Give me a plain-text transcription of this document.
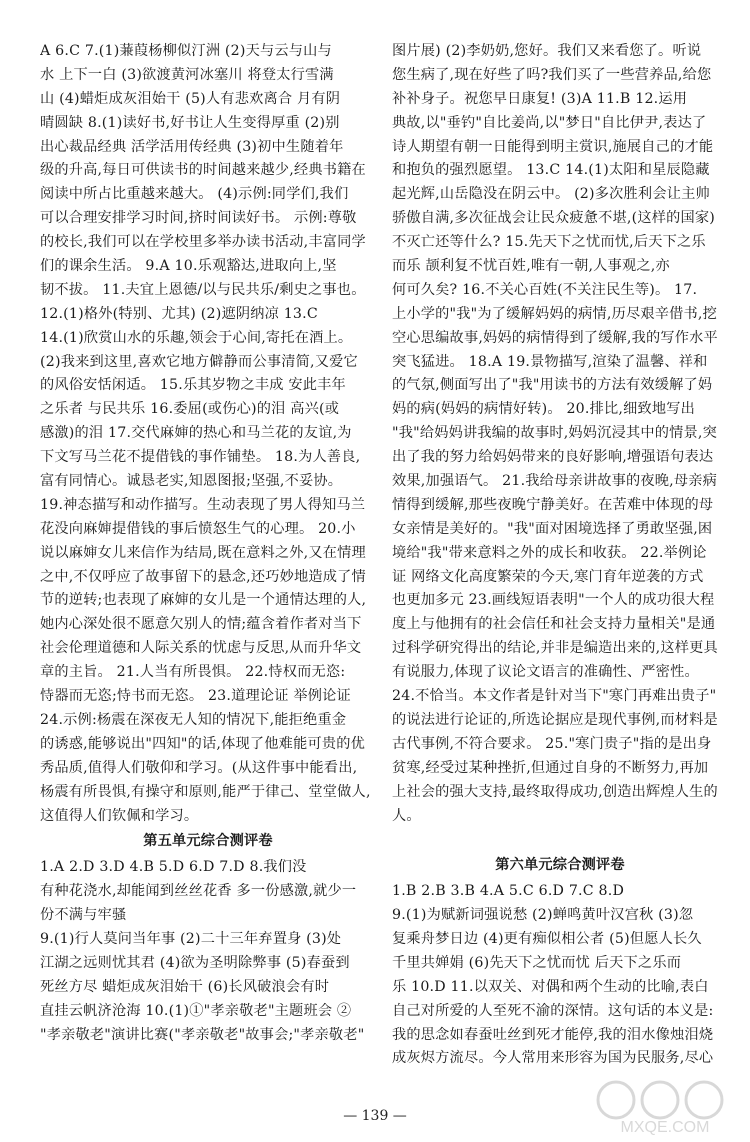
A 6.C 7.(1)蒹葭杨柳似汀洲 (2)天与云与山与
水 上下一白 (3)欲渡黄河冰塞川 将登太行雪满
山 (4)蜡炬成灰泪始干 (5)人有悲欢离合 月有阴
晴圆缺 8.(1)读好书,好书让人生变得厚重 (2)别
出心裁品经典 活学活用传经典 (3)初中生随着年
级的升高,每日可供读书的时间越来越少,经典书籍在
阅读中所占比重越来越大。 (4)示例:同学们,我们
可以合理安排学习时间,挤时间读好书。 示例:尊敬
的校长,我们可以在学校里多举办读书活动,丰富同学
们的课余生活。 9.A 10.乐观豁达,进取向上,坚
韧不拔。 11.夫宜上恩德/以与民共乐/剩史之事也。
12.(1)格外(特别、尤其) (2)遮阴纳凉 13.C
14.(1)欣赏山水的乐趣,领会于心间,寄托在酒上。
(2)我来到这里,喜欢它地方僻静而公事清简,又爱它
的风俗安恬闲适。 15.乐其岁物之丰成 安此丰年
之乐者 与民共乐 16.委屈(或伤心)的泪 高兴(或
感激)的泪 17.交代麻婶的热心和马兰花的友谊,为
下文写马兰花不提借钱的事作铺垫。 18.为人善良,
富有同情心。诚恳老实,知恩图报;坚强,不妥协。
19.神态描写和动作描写。生动表现了男人得知马兰
花没向麻婶提借钱的事后愤怒生气的心理。 20.小
说以麻婶女儿来信作为结局,既在意料之外,又在情理
之中,不仅呼应了故事留下的悬念,还巧妙地造成了情
节的逆转;也表现了麻婶的女儿是一个通情达理的人,
她内心深处很不愿意欠别人的情;蕴含着作者对当下
社会伦理道德和人际关系的忧虑与反思,从而升华文
章的主旨。 21.人当有所畏惧。 22.恃权而无恣:
恃器而无恣;恃书而无恣。 23.道理论证 举例论证
24.示例:杨震在深夜无人知的情况下,能拒绝重金
的诱惑,能够说出"四知"的话,体现了他难能可贵的优
秀品质,值得人们敬仰和学习。(从这件事中能看出,
杨震有所畏惧,有操守和原则,能严于律己、堂堂做人,
这值得人们钦佩和学习。
第五单元综合测评卷
1.A 2.D 3.D 4.B 5.D 6.D 7.D 8.我们没
有种花浇水,却能闻到丝丝花香 多一份感激,就少一
份不满与牢骚
9.(1)行人莫问当年事 (2)二十三年弃置身 (3)处
江湖之远则忧其君 (4)欲为圣明除弊事 (5)春蚕到
死丝方尽 蜡炬成灰泪始干 (6)长风破浪会有时
直挂云帆济沧海 10.(1)①"孝亲敬老"主题班会 ②
"孝亲敬老"演讲比赛("孝亲敬老"故事会;"孝亲敬老"
图片展) (2)李奶奶,您好。我们又来看您了。听说
您生病了,现在好些了吗?我们买了一些营养品,给您
补补身子。祝您早日康复! (3)A 11.B 12.运用
典故,以"垂钓"自比姜尚,以"梦日"自比伊尹,表达了
诗人期望有朝一日能得到明主赏识,施展自己的才能
和抱负的强烈愿望。 13.C 14.(1)太阳和星辰隐藏
起光辉,山岳隐没在阴云中。 (2)多次胜利会让主帅
骄傲自满,多次征战会让民众疲惫不堪,(这样的国家)
不灭亡还等什么? 15.先天下之忧而忧,后天下之乐
而乐 颉利复不忧百姓,唯有一朝,人事观之,亦
何可久矣? 16.不关心百姓(不关注民生等)。 17.
上小学的"我"为了缓解妈妈的病情,历尽艰辛借书,挖
空心思编故事,妈妈的病情得到了缓解,我的写作水平
突飞猛进。 18.A 19.景物描写,渲染了温馨、祥和
的气氛,侧面写出了"我"用读书的方法有效缓解了妈
妈的病(妈妈的病情好转)。 20.排比,细致地写出
"我"给妈妈讲我编的故事时,妈妈沉浸其中的情景,突
出了我的努力给妈妈带来的良好影响,增强语句表达
效果,加强语气。 21.我给母亲讲故事的夜晚,母亲病
情得到缓解,那些夜晚宁静美好。在苦难中体现的母
女亲情是美好的。"我"面对困境选择了勇敢坚强,困
境给"我"带来意料之外的成长和收获。 22.举例论
证 网络文化高度繁荣的今天,寒门育年逆袭的方式
也更加多元 23.画线短语表明"一个人的成功很大程
度上与他拥有的社会信任和社会支持力量相关"是通
过科学研究得出的结论,并非是编造出来的,这样更具
有说服力,体现了议论文语言的准确性、严密性。
24.不恰当。本文作者是针对当下"寒门再难出贵子"
的说法进行论证的,所选论据应是现代事例,而材料是
古代事例,不符合要求。 25."寒门贵子"指的是出身
贫寒,经受过某种挫折,但通过自身的不断努力,再加
上社会的强大支持,最终取得成功,创造出辉煌人生的
人。
第六单元综合测评卷
1.B 2.B 3.B 4.A 5.C 6.D 7.C 8.D
9.(1)为赋新词强说愁 (2)蝉鸣黄叶汉宫秋 (3)忽
复乘舟梦日边 (4)更有痴似相公者 (5)但愿人长久
千里共婵娟 (6)先天下之忧而忧 后天下之乐而
乐 10.D 11.以双关、对偶和两个生动的比喻,表白
自己对所爱的人至死不渝的深情。这句话的本义是:
我的思念如春蚕吐丝到死才能停,我的泪水像烛泪烧
成灰烬方流尽。今人常用来形容为国为民服务,尽心
— 139 —
MXQE.COM
